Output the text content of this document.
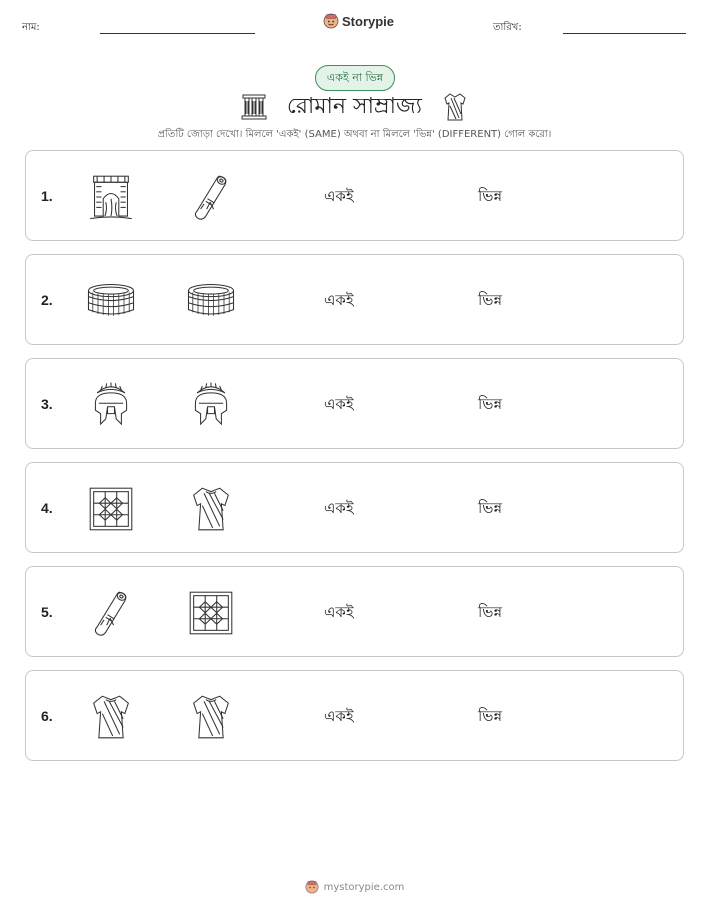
নাম:	Storypie	তারিখ:
একই না ভিন্ন
রোমান সাম্রাজ্য

প্রতিটি জোড়া দেখো। মিললে 'একই' (SAME) অথবা না মিললে 'ভিন্ন' (DIFFERENT) গোল করো।

1.	একই	ভিন্ন
2.	একই	ভিন্ন
3.	একই	ভিন্ন
4.	একই	ভিন্ন
5.	একই	ভিন্ন
6.	একই	ভিন্ন
mystorypie.com
